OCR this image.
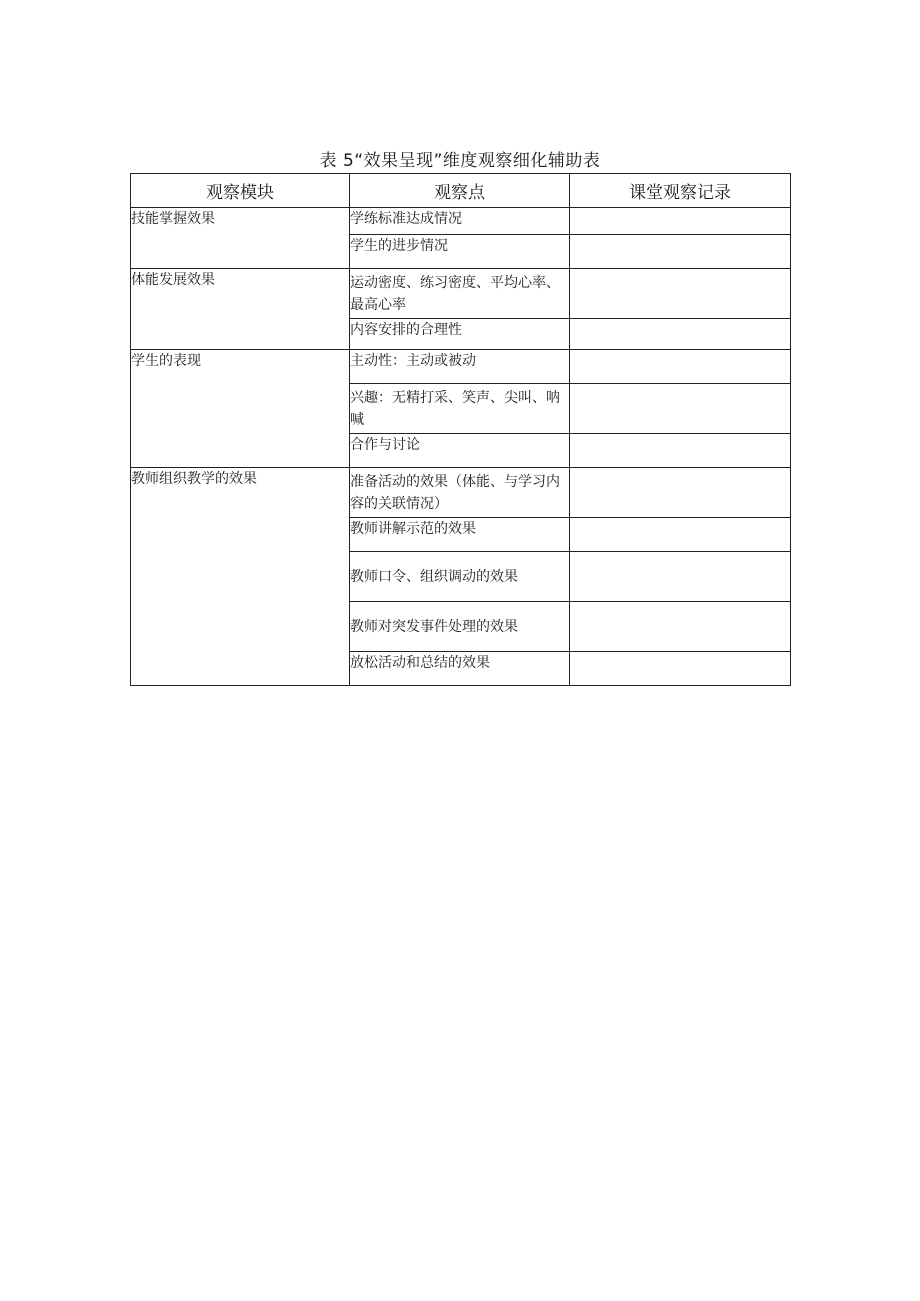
表 5“效果呈现”维度观察细化辅助表
观察模块	观察点	课堂观察记录
技能掌握效果	学练标准达成情况	
	学生的进步情况	
体能发展效果	运动密度、练习密度、平均心率、最高心率	
	内容安排的合理性	
学生的表现	主动性：主动或被动	
	兴趣：无精打采、笑声、尖叫、呐喊	
	合作与讨论	
教师组织教学的效果	准备活动的效果（体能、与学习内容的关联情况）	
	教师讲解示范的效果	
	教师口令、组织调动的效果	
	教师对突发事件处理的效果	
	放松活动和总结的效果	
